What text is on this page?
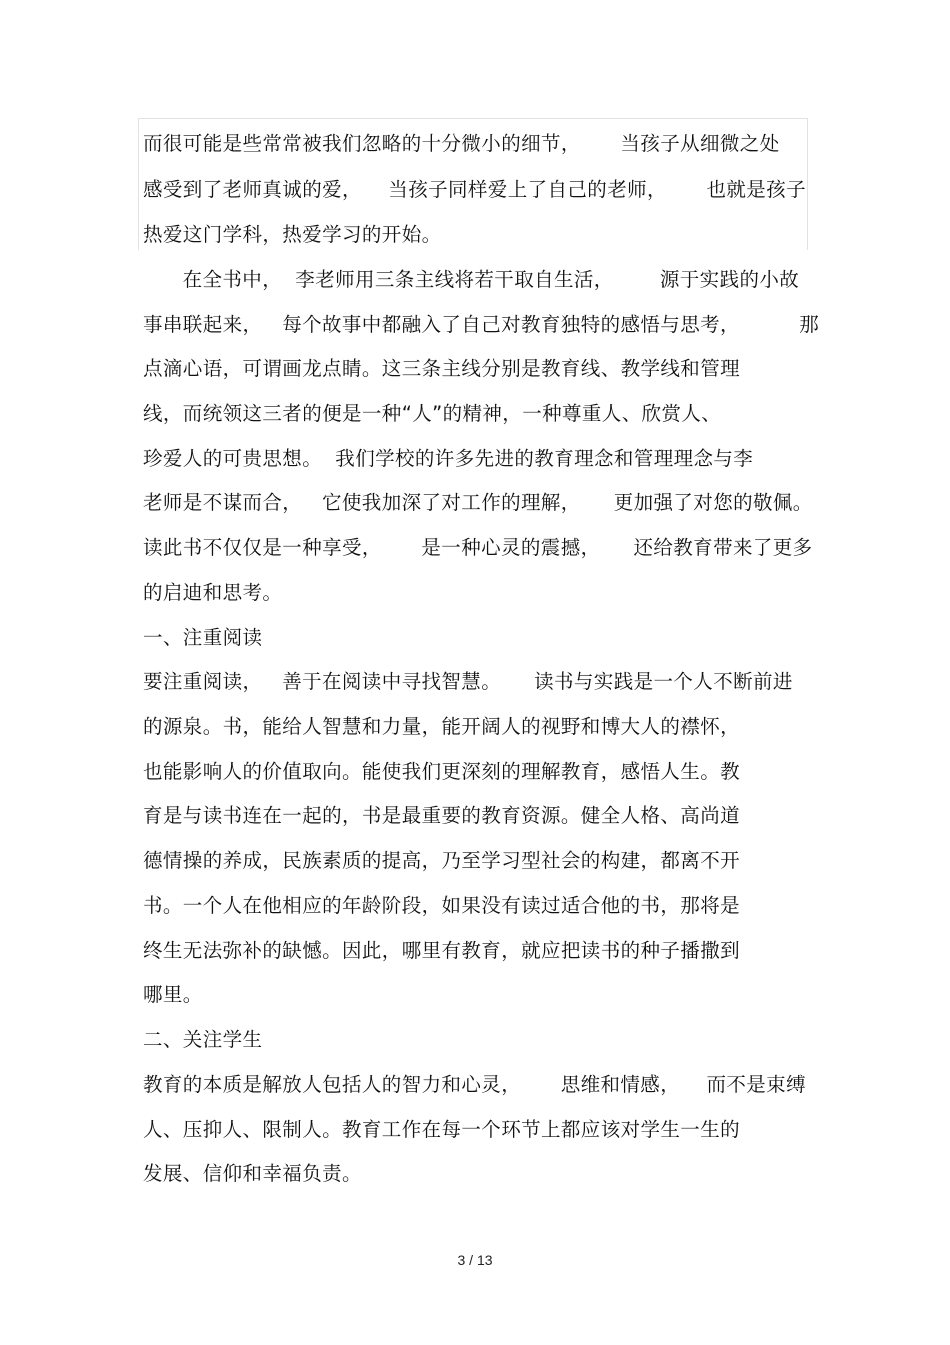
而很可能是些常常被我们忽略的十分微小的细节，      当孩子从细微之处
感受到了老师真诚的爱，    当孩子同样爱上了自己的老师，      也就是孩子
热爱这门学科，热爱学习的开始。
在全书中，  李老师用三条主线将若干取自生活，       源于实践的小故
事串联起来，   每个故事中都融入了自己对教育独特的感悟与思考，         那
点滴心语，可谓画龙点睛。这三条主线分别是教育线、教学线和管理
线，而统领这三者的便是一种“人”的精神，一种尊重人、欣赏人、
珍爱人的可贵思想。  我们学校的许多先进的教育理念和管理理念与李
老师是不谋而合，   它使我加深了对工作的理解，     更加强了对您的敬佩。
读此书不仅仅是一种享受，      是一种心灵的震撼，     还给教育带来了更多
的启迪和思考。
一、注重阅读
要注重阅读，   善于在阅读中寻找智慧。     读书与实践是一个人不断前进
的源泉。书，能给人智慧和力量，能开阔人的视野和博大人的襟怀，
也能影响人的价值取向。能使我们更深刻的理解教育，感悟人生。教
育是与读书连在一起的，书是最重要的教育资源。健全人格、高尚道
德情操的养成，民族素质的提高，乃至学习型社会的构建，都离不开
书。一个人在他相应的年龄阶段，如果没有读过适合他的书，那将是
终生无法弥补的缺憾。因此，哪里有教育，就应把读书的种子播撒到
哪里。
二、关注学生
教育的本质是解放人包括人的智力和心灵，      思维和情感，    而不是束缚
人、压抑人、限制人。教育工作在每一个环节上都应该对学生一生的
发展、信仰和幸福负责。
3 / 13
